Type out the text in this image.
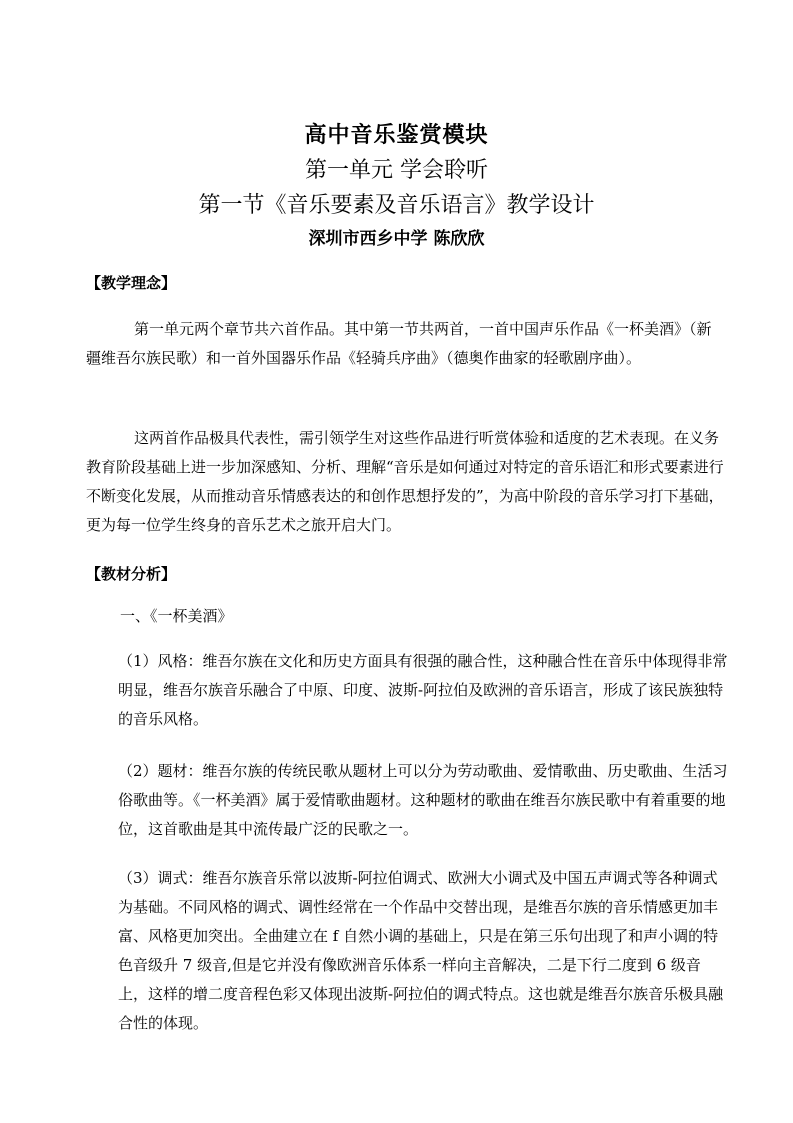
高中音乐鉴赏模块
第一单元 学会聆听
第一节《音乐要素及音乐语言》教学设计
深圳市西乡中学 陈欣欣
【教学理念】
第一单元两个章节共六首作品。其中第一节共两首，一首中国声乐作品《一杯美酒》（新疆维吾尔族民歌）和一首外国器乐作品《轻骑兵序曲》（德奥作曲家的轻歌剧序曲）。
这两首作品极具代表性，需引领学生对这些作品进行听赏体验和适度的艺术表现。在义务教育阶段基础上进一步加深感知、分析、理解“音乐是如何通过对特定的音乐语汇和形式要素进行不断变化发展，从而推动音乐情感表达的和创作思想抒发的”，为高中阶段的音乐学习打下基础，更为每一位学生终身的音乐艺术之旅开启大门。
【教材分析】
一、《一杯美酒》
（1）风格：维吾尔族在文化和历史方面具有很强的融合性，这种融合性在音乐中体现得非常明显，维吾尔族音乐融合了中原、印度、波斯-阿拉伯及欧洲的音乐语言，形成了该民族独特的音乐风格。
（2）题材：维吾尔族的传统民歌从题材上可以分为劳动歌曲、爱情歌曲、历史歌曲、生活习俗歌曲等。《一杯美酒》属于爱情歌曲题材。这种题材的歌曲在维吾尔族民歌中有着重要的地位，这首歌曲是其中流传最广泛的民歌之一。
（3）调式：维吾尔族音乐常以波斯-阿拉伯调式、欧洲大小调式及中国五声调式等各种调式为基础。不同风格的调式、调性经常在一个作品中交替出现，是维吾尔族的音乐情感更加丰富、风格更加突出。全曲建立在 f 自然小调的基础上，只是在第三乐句出现了和声小调的特色音级升 7 级音,但是它并没有像欧洲音乐体系一样向主音解决，二是下行二度到 6 级音上，这样的增二度音程色彩又体现出波斯-阿拉伯的调式特点。这也就是维吾尔族音乐极具融合性的体现。
